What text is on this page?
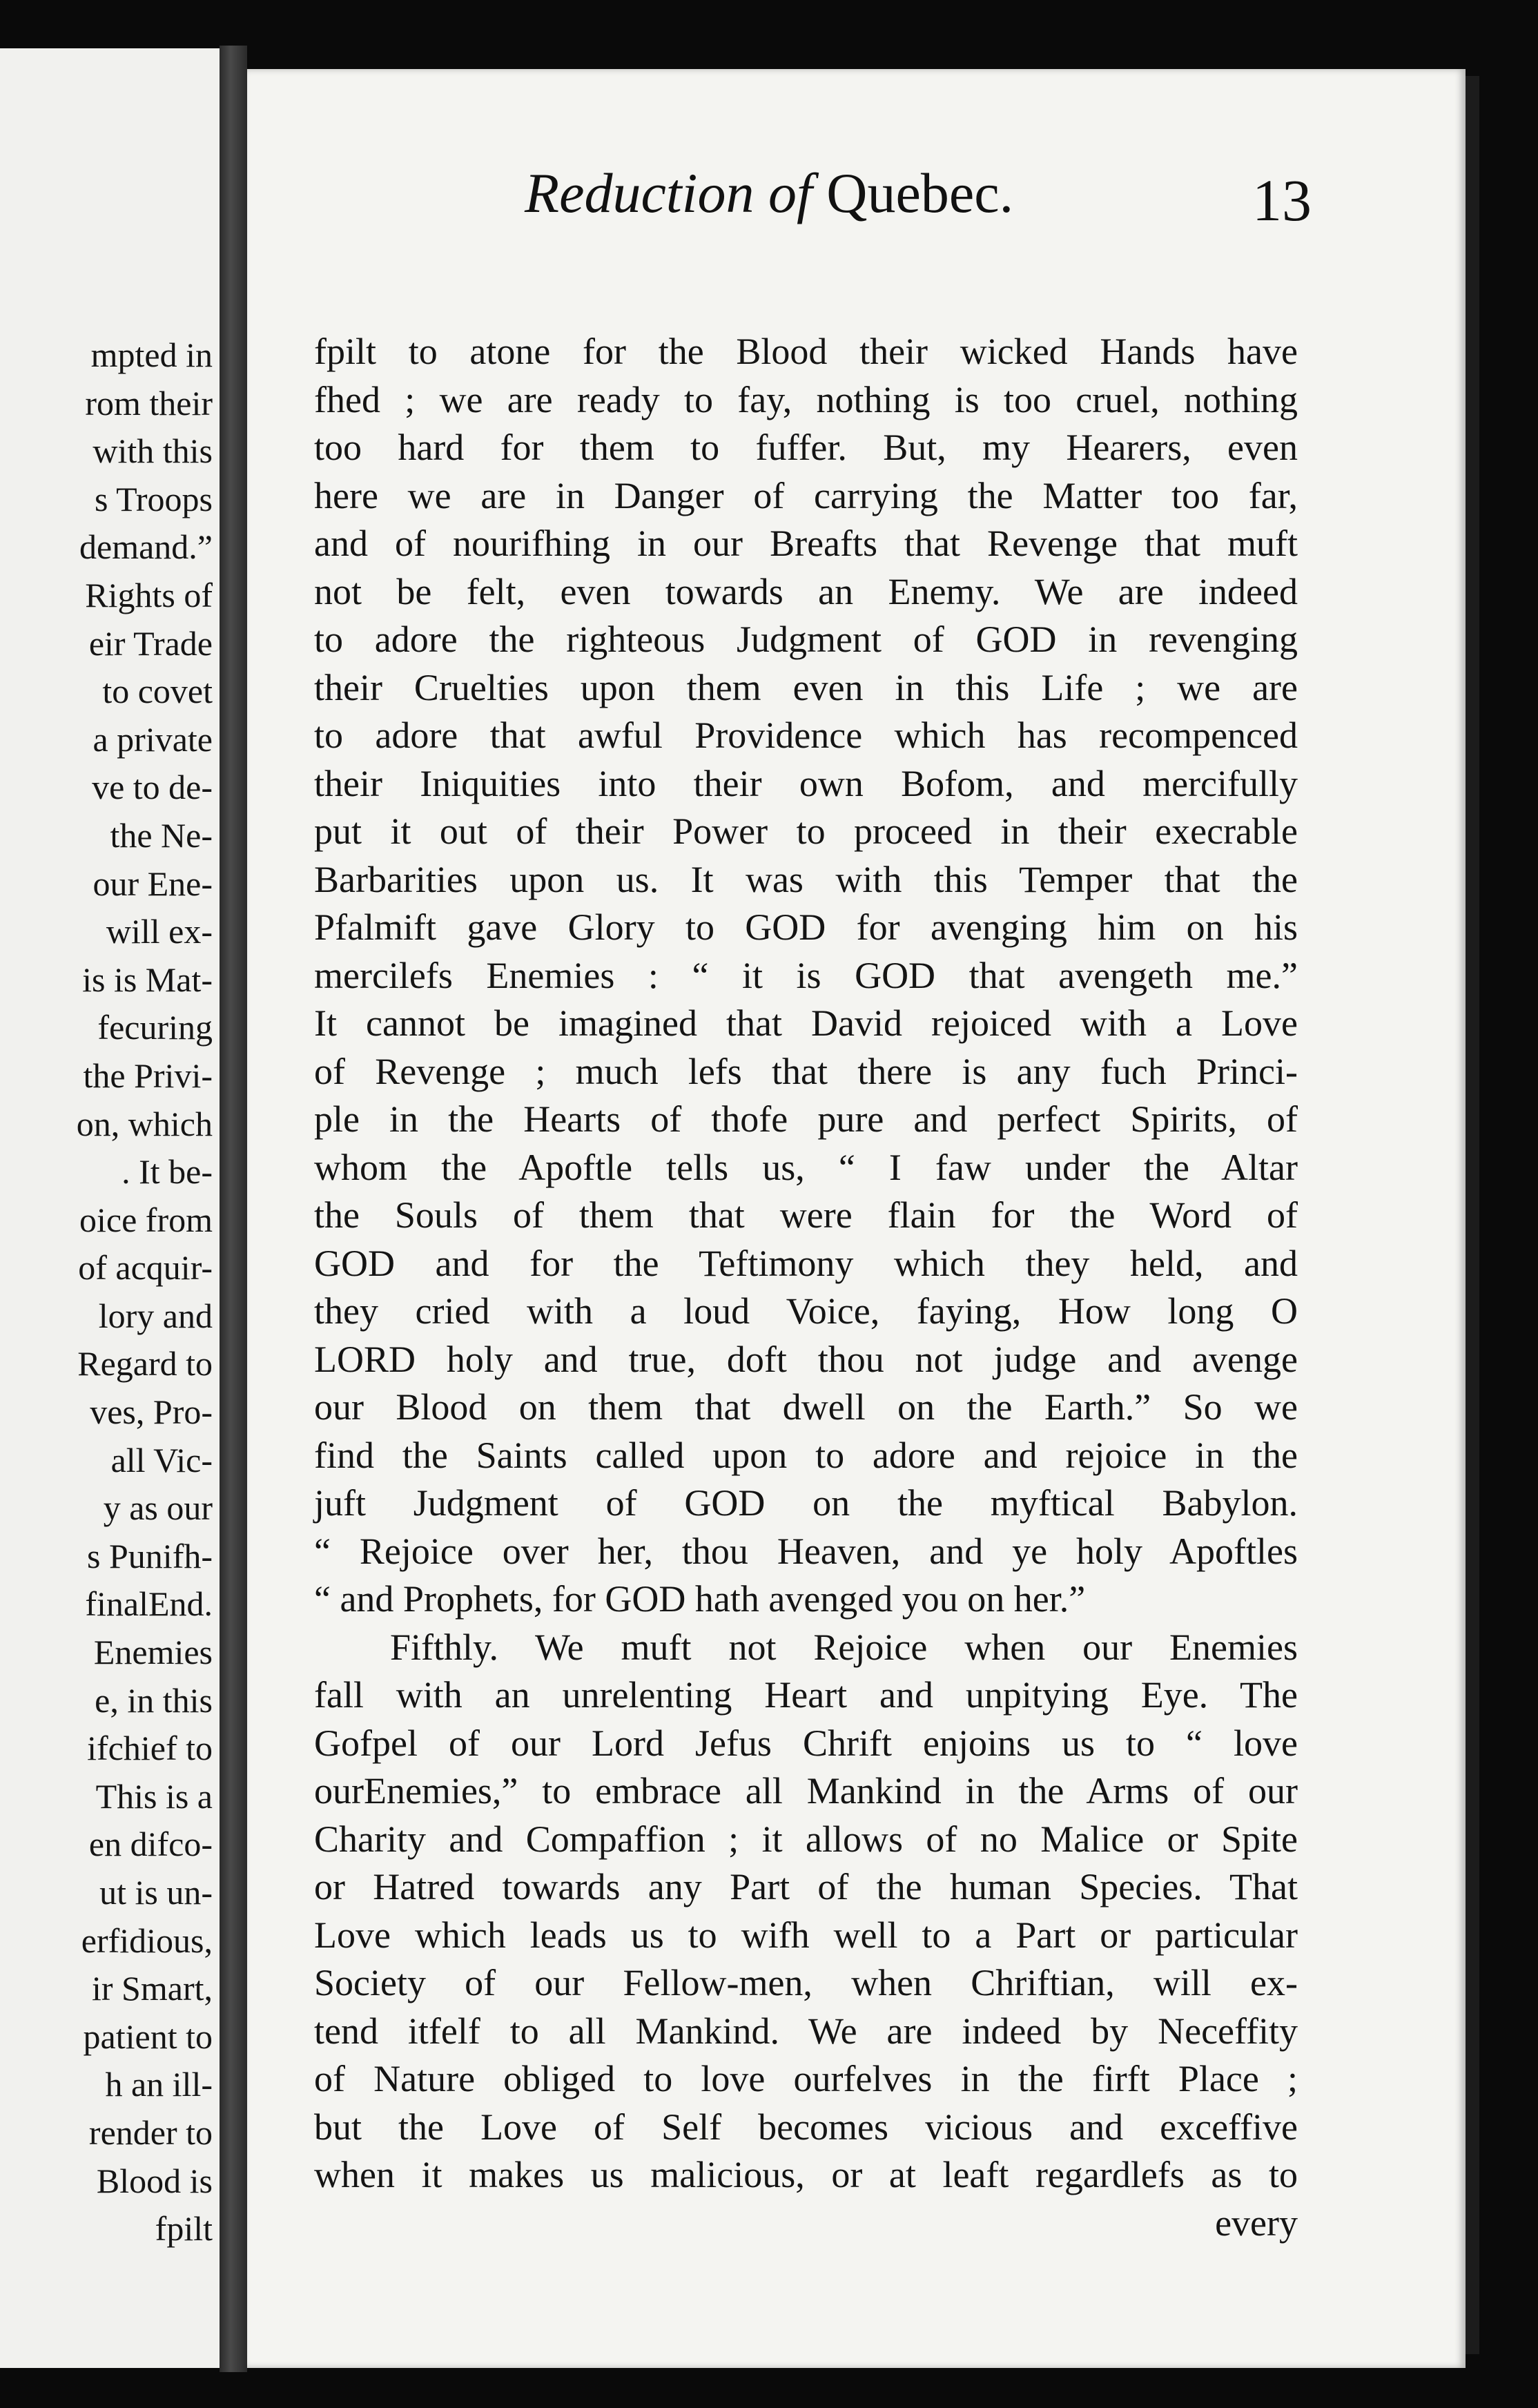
mpted in
rom their
with this
s Troops
demand.”
Rights of
eir Trade
to covet
a private
ve to de-
the Ne-
our Ene-
will ex-
is is Mat-
fecuring
the Privi-
on, which
. It be-
oice from
of acquir-
lory and
Regard to
ves, Pro-
all Vic-
y as our
s Punifh-
finalEnd.
Enemies
e, in this
ifchief to
This is a
en difco-
ut is un-
erfidious,
ir Smart,
patient to
h an ill-
render to
Blood is
fpilt
Reduction of Quebec.	13
fpilt to atone for the Blood their wicked Hands have
fhed ; we are ready to fay, nothing is too cruel, nothing
too hard for them to fuffer. But, my Hearers, even
here we are in Danger of carrying the Matter too far,
and of nourifhing in our Breafts that Revenge that muft
not be felt, even towards an Enemy. We are indeed
to adore the righteous Judgment of GOD in revenging
their Cruelties upon them even in this Life ; we are
to adore that awful Providence which has recompenced
their Iniquities into their own Bofom, and mercifully
put it out of their Power to proceed in their execrable
Barbarities upon us. It was with this Temper that the
Pfalmift gave Glory to GOD for avenging him on his
mercilefs Enemies : “ it is GOD that avengeth me.”
It cannot be imagined that David rejoiced with a Love
of Revenge ; much lefs that there is any fuch Princi-
ple in the Hearts of thofe pure and perfect Spirits, of
whom the Apoftle tells us, “ I faw under the Altar
the Souls of them that were flain for the Word of
GOD and for the Teftimony which they held, and
they cried with a loud Voice, faying, How long O
LORD holy and true, doft thou not judge and avenge
our Blood on them that dwell on the Earth.” So we
find the Saints called upon to adore and rejoice in the
juft Judgment of GOD on the myftical Babylon.
“ Rejoice over her, thou Heaven, and ye holy Apoftles
“ and Prophets, for GOD hath avenged you on her.”
Fifthly. We muft not Rejoice when our Enemies
fall with an unrelenting Heart and unpitying Eye. The
Gofpel of our Lord Jefus Chrift enjoins us to “ love
ourEnemies,” to embrace all Mankind in the Arms of our
Charity and Compaffion ; it allows of no Malice or Spite
or Hatred towards any Part of the human Species. That
Love which leads us to wifh well to a Part or particular
Society of our Fellow-men, when Chriftian, will ex-
tend itfelf to all Mankind. We are indeed by Neceffity
of Nature obliged to love ourfelves in the firft Place ;
but the Love of Self becomes vicious and exceffive
when it makes us malicious, or at leaft regardlefs as to
every
